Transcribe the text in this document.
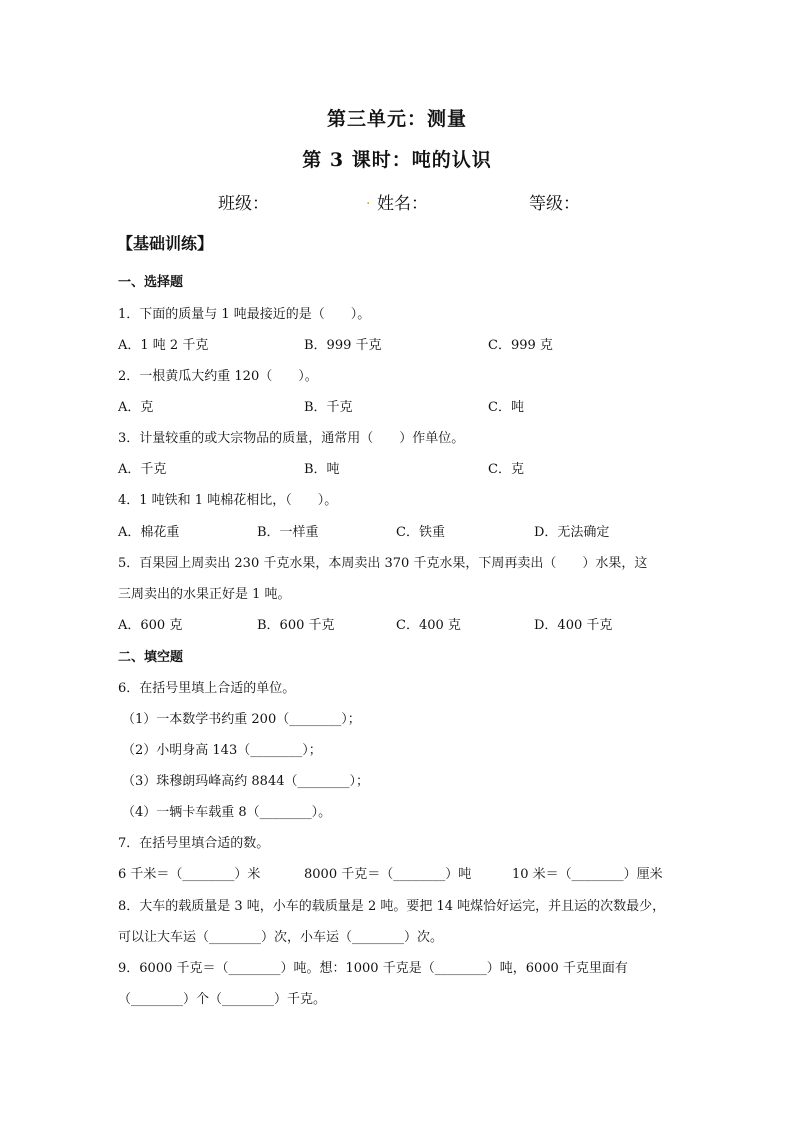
第三单元：测量
第 3 课时：吨的认识
班级：	. 姓名：	等级：
【基础训练】
一、选择题
1．下面的质量与 1 吨最接近的是（　　）。
A．1 吨 2 千克	B．999 千克	C．999 克
2．一根黄瓜大约重 120（　　）。
A．克	B．千克	C．吨
3．计量较重的或大宗物品的质量，通常用（　　）作单位。
A．千克	B．吨	C．克
4．1 吨铁和 1 吨棉花相比，（　　）。
A．棉花重	B．一样重	C．铁重	D．无法确定
5．百果园上周卖出 230 千克水果，本周卖出 370 千克水果，下周再卖出（　　）水果，这
三周卖出的水果正好是 1 吨。
A．600 克	B．600 千克	C．400 克	D．400 千克
二、填空题
6．在括号里填上合适的单位。
（1）一本数学书约重 200（________）；
（2）小明身高 143（________）；
（3）珠穆朗玛峰高约 8844（________）；
（4）一辆卡车载重 8（________）。
7．在括号里填合适的数。
6 千米＝（________）米	8000 千克＝（________）吨	10 米＝（________）厘米
8．大车的载质量是 3 吨，小车的载质量是 2 吨。要把 14 吨煤恰好运完，并且运的次数最少，
可以让大车运（________）次，小车运（________）次。
9．6000 千克＝（________）吨。想：1000 千克是（________）吨，6000 千克里面有
（________）个（________）千克。
